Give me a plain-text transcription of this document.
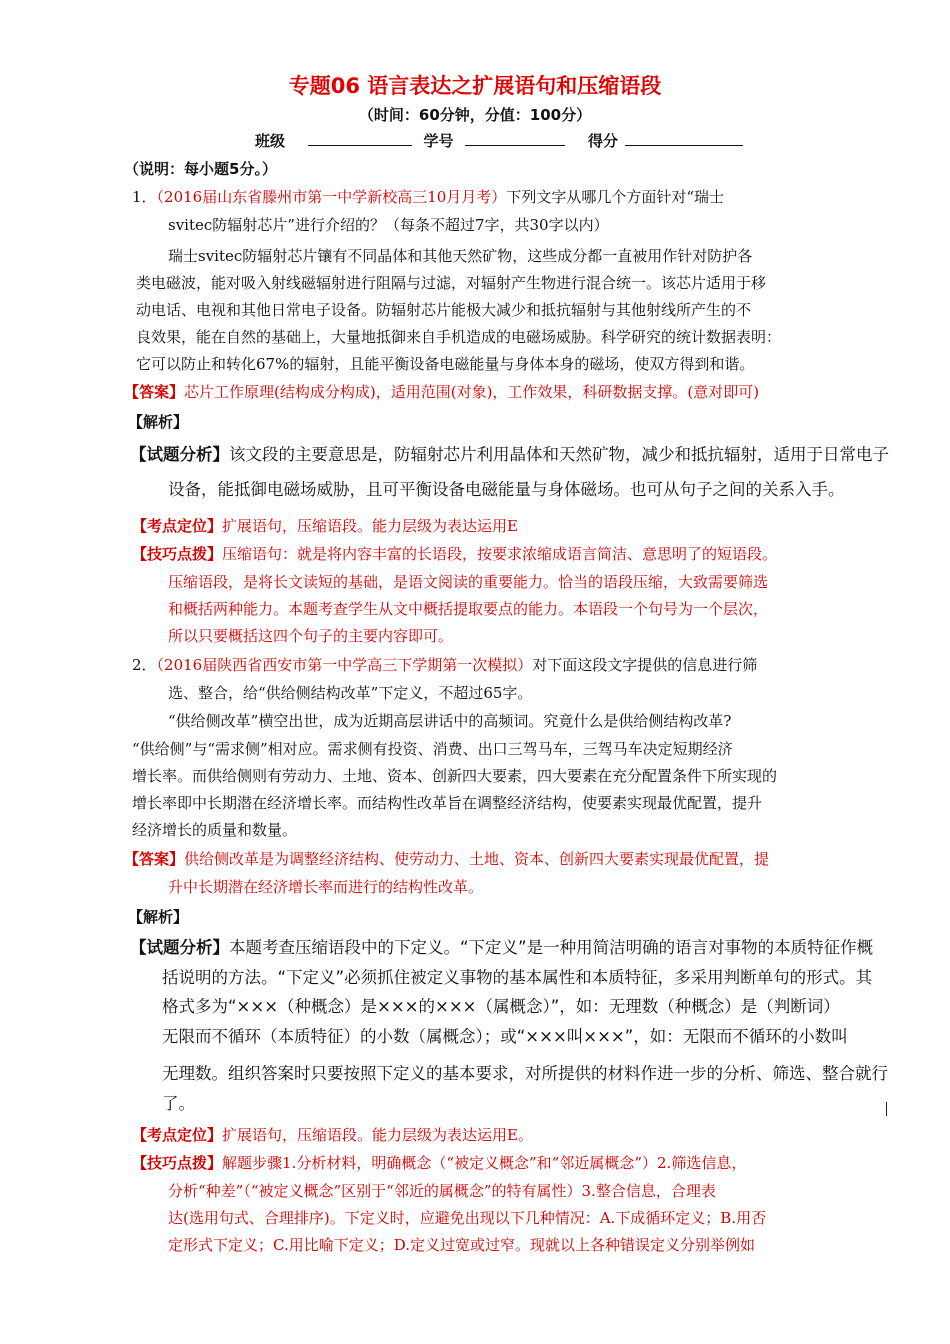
专题06 语言表达之扩展语句和压缩语段
（时间：60分钟，分值：100分）
班级	学号	得分
（说明：每小题5分。）
1．（2016届山东省滕州市第一中学新校高三10月月考）下列文字从哪几个方面针对“瑞士
svitec防辐射芯片”进行介绍的？（每条不超过7字，共30字以内）
瑞士svitec防辐射芯片镶有不同晶体和其他天然矿物，这些成分都一直被用作针对防护各
类电磁波，能对吸入射线磁辐射进行阻隔与过滤，对辐射产生物进行混合统一。该芯片适用于移
动电话、电视和其他日常电子设备。防辐射芯片能极大减少和抵抗辐射与其他射线所产生的不
良效果，能在自然的基础上，大量地抵御来自手机造成的电磁场威胁。科学研究的统计数据表明：
它可以防止和转化67%的辐射，且能平衡设备电磁能量与身体本身的磁场，使双方得到和谐。
【答案】芯片工作原理(结构成分构成)，适用范围(对象)，工作效果，科研数据支撑。(意对即可)
【解析】
【试题分析】该文段的主要意思是，防辐射芯片利用晶体和天然矿物，减少和抵抗辐射，适用于日常电子
设备，能抵御电磁场威胁，且可平衡设备电磁能量与身体磁场。也可从句子之间的关系入手。
【考点定位】扩展语句，压缩语段。能力层级为表达运用E
【技巧点拨】压缩语句：就是将内容丰富的长语段，按要求浓缩成语言简洁、意思明了的短语段。
压缩语段，是将长文读短的基础，是语文阅读的重要能力。恰当的语段压缩，大致需要筛选
和概括两种能力。本题考查学生从文中概括提取要点的能力。本语段一个句号为一个层次，
所以只要概括这四个句子的主要内容即可。
2．（2016届陕西省西安市第一中学高三下学期第一次模拟）对下面这段文字提供的信息进行筛
选、整合，给“供给侧结构改革”下定义，不超过65字。
“供给侧改革”横空出世，成为近期高层讲话中的高频词。究竟什么是供给侧结构改革?
“供给侧”与“需求侧”相对应。需求侧有投资、消费、出口三驾马车，三驾马车决定短期经济
增长率。而供给侧则有劳动力、土地、资本、创新四大要素，四大要素在充分配置条件下所实现的
增长率即中长期潜在经济增长率。而结构性改革旨在调整经济结构，使要素实现最优配置，提升
经济增长的质量和数量。
【答案】供给侧改革是为调整经济结构、使劳动力、土地、资本、创新四大要素实现最优配置，提
升中长期潜在经济增长率而进行的结构性改革。
【解析】
【试题分析】本题考查压缩语段中的下定义。“下定义”是一种用简洁明确的语言对事物的本质特征作概
括说明的方法。“下定义”必须抓住被定义事物的基本属性和本质特征，多采用判断单句的形式。其
格式多为“×××（种概念）是×××的×××（属概念）”，如：无理数（种概念）是（判断词）
无限而不循环（本质特征）的小数（属概念）；或“×××叫×××”，如：无限而不循环的小数叫
无理数。组织答案时只要按照下定义的基本要求，对所提供的材料作进一步的分析、筛选、整合就行
了。
【考点定位】扩展语句，压缩语段。能力层级为表达运用E。
【技巧点拨】解题步骤1.分析材料，明确概念（“被定义概念”和“邻近属概念”）2.筛选信息，
分析“种差”（“被定义概念”区别于“邻近的属概念”的特有属性）3.整合信息，合理表
达(选用句式、合理排序)。下定义时，应避免出现以下几种情况：A.下成循环定义；B.用否
定形式下定义；C.用比喻下定义；D.定义过宽或过窄。现就以上各种错误定义分别举例如
